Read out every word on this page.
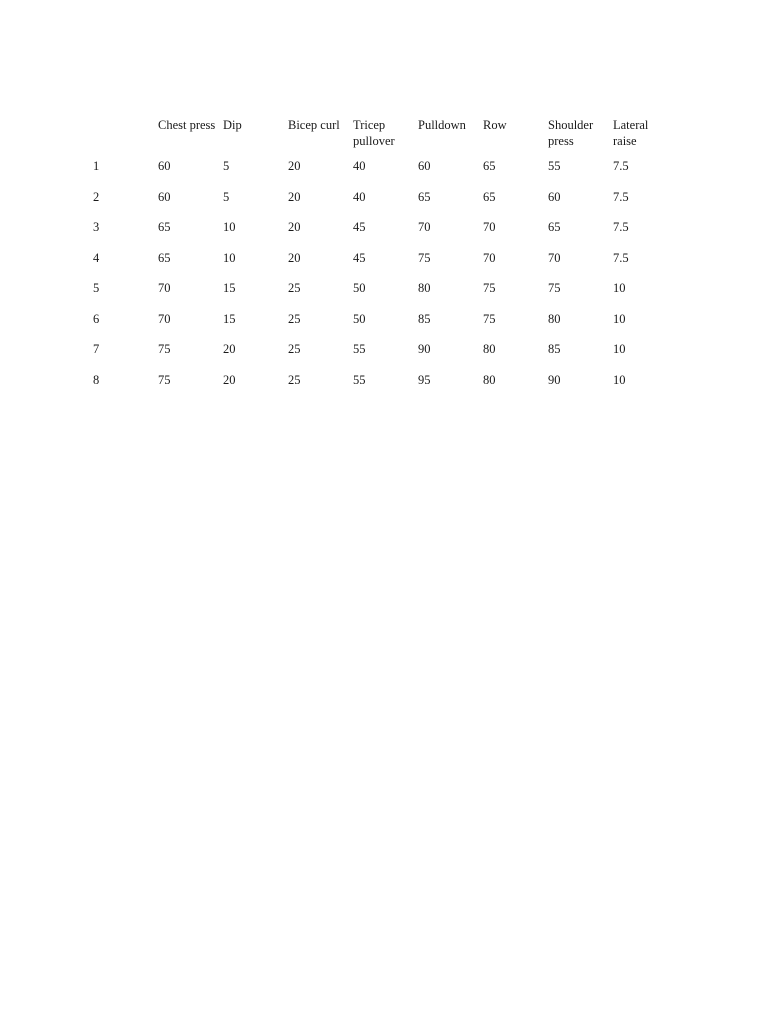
	Chest press	Dip	Bicep curl	Tricep pullover	Pulldown	Row	Shoulder press	Lateral raise

1	60	5	20	40	60	65	55	7.5
2	60	5	20	40	65	65	60	7.5
3	65	10	20	45	70	70	65	7.5
4	65	10	20	45	75	70	70	7.5
5	70	15	25	50	80	75	75	10
6	70	15	25	50	85	75	80	10
7	75	20	25	55	90	80	85	10
8	75	20	25	55	95	80	90	10
